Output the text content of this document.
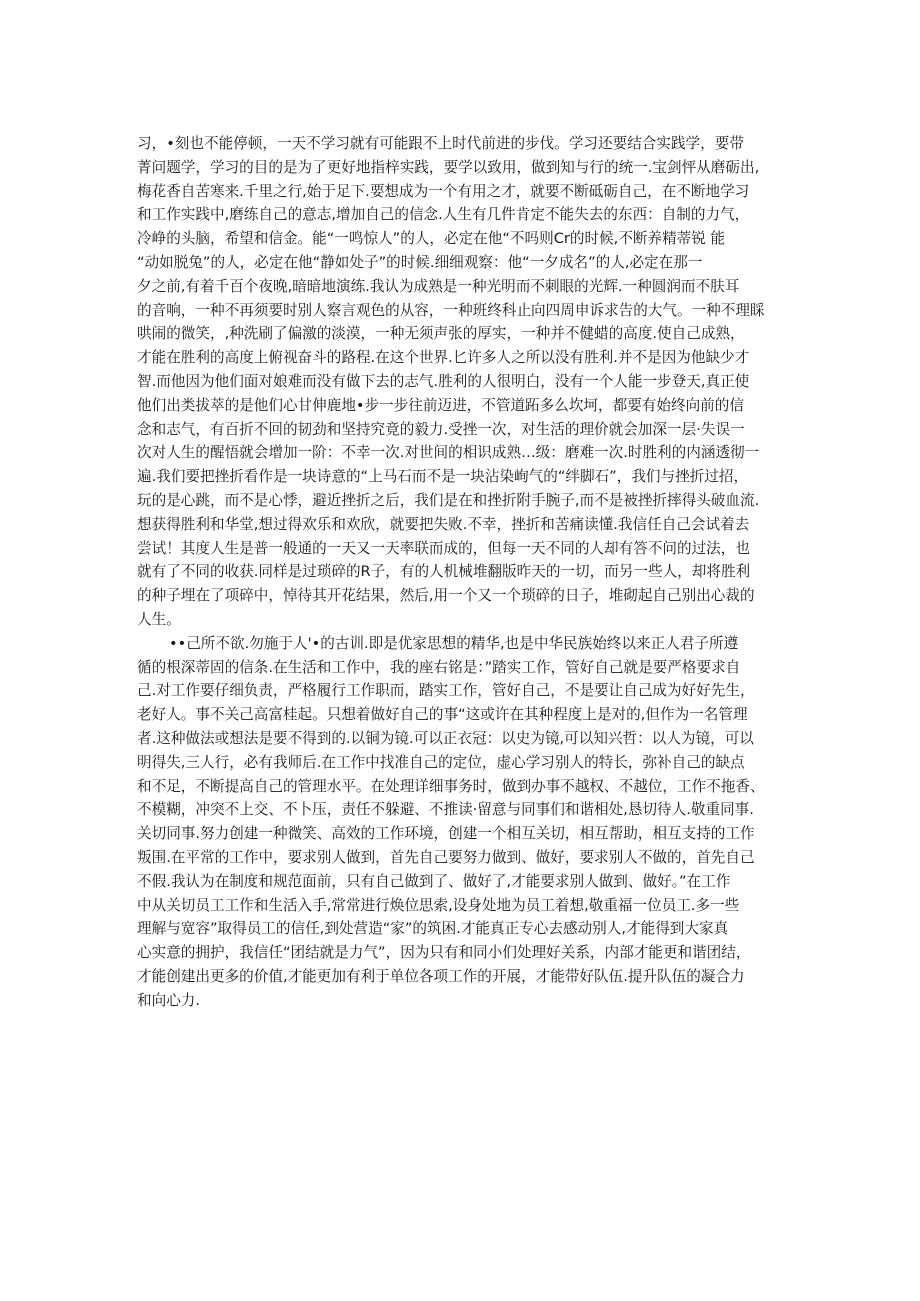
习，•刻也不能停顿，一天不学习就有可能跟不上时代前进的步伐。学习还要结合实践学，要带
菁问题学，学习的目的是为了更好地指梓实践，要学以致用，做到知与行的统一.宝剑怦从磨砺出,
梅花香自苦寒来.千里之行,始于足下.要想成为一个有用之才，就要不断砥砺自己，在不断地学习
和工作实践中,磨练自己的意志,增加自己的信念.人生有几件肯定不能失去的东西：自制的力气，
冷峥的头脑，希望和信金。能“一鸣惊人”的人，必定在他“不吗则Cr的时候,不断养精蒂锐 能
“动如脱兔”的人，必定在他“静如处子”的时候.细细观察：他“一夕成名”的人,必定在那一
夕之前,有着千百个夜晚,暗暗地演练.我认为成熟是一种光明而不刺眼的光辉.一种圆润而不肤耳
的音响，一种不再须要时别人察言观色的从容，一种班终科止向四周申诉求告的大气。一种不理睬
哄闹的微笑，,种洗刷了偏激的淡漠，一种无须声张的厚实，一种并不健蜡的高度.使自己成熟，
才能在胜利的高度上俯视奋斗的路程.在这个世界.匕许多人之所以没有胜利.并不是因为他缺少才
智.而他因为他们面对娘难而没有做下去的志气.胜利的人很明白，没有一个人能一步登天,真正使
他们出类拔萃的是他们心甘伸鹿地•步一步往前迈进，不管道跖多么坎坷，都要有始终向前的信
念和志气，有百折不回的韧劲和坚持究竟的毅力.受挫一次，对生活的理价就会加深一层·失误一
次对人生的醒悟就会增加一阶：不幸一次.对世间的相识成熟…级：磨难一次.时胜利的内涵透彻一
遍.我们要把挫折看作是一块诗意的“上马石而不是一块沾染峋气的“绊脚石”，我们与挫折过招，
玩的是心跳，而不是心悸，避近挫折之后，我们是在和挫折附手腕子,而不是被挫折摔得头破血流.
想获得胜利和华堂,想过得欢乐和欢欣，就要把失败.不幸，挫折和苦痛读懂.我信任自己会试着去
尝试！其度人生是普一般通的一天又一天率联而成的，但每一天不同的人却有答不问的过法，也
就有了不同的收获.同样是过琐碎的R子，有的人机械堆翻版昨天的一切，而另一些人，却将胜利
的种子埋在了项碎中，悼待其开花结果，然后,用一个又一个琐碎的日子，堆砌起自己别出心裁的
人生。
••己所不欲.勿施于人'•的古训.即是优家思想的精华,也是中华民族始终以来正人君子所遵
循的根深蒂固的信条.在生活和工作中，我的座右铭是：”踏实工作，管好自己就是要严格要求自
己.对工作要仔细负责，严格履行工作职而，踏实工作，管好自己，不是要让自己成为好好先生，
老好人。事不关己高富桂起。只想着做好自己的事“这或许在其种程度上是对的,但作为一名管理
者.这种做法或想法是要不得到的.以铜为镜.可以正衣冠：以史为镜,可以知兴哲：以人为镜，可以
明得失,三人行，必有我师后.在工作中找准自己的定位，虚心学习别人的特长，弥补自己的缺点
和不足，不断提高自己的管理水平。在处理详细事务时，做到办事不越权、不越位，工作不拖香、
不模糊，冲突不上交、不卜压，责任不躲避、不推读·留意与同事们和谐相处,恳切待人.敬重同事.
关切同事.努力创建一种微笑、高效的工作环境，创建一个相互关切，相互帮助，相互支持的工作
叛围.在平常的工作中，要求别人做到，首先自己要努力做到、做好，要求别人不做的，首先自己
不假.我认为在制度和规范面前，只有自己做到了、做好了,才能要求别人做到、做好。”在工作
中从关切员工工作和生活入手,常常进行焕位思索,设身处地为员工着想,敬重福一位员工.多一些
理解与宽容”取得员工的信任,到处营造“家”的筑困.才能真正专心去感动别人,才能得到大家真
心实意的拥护，我信任“团结就是力气”，因为只有和同小们处理好关系，内部才能更和谐团结，
才能创建出更多的价值,才能更加有利于单位各项工作的开展，才能带好队伍.提升队伍的凝合力
和向心力.
